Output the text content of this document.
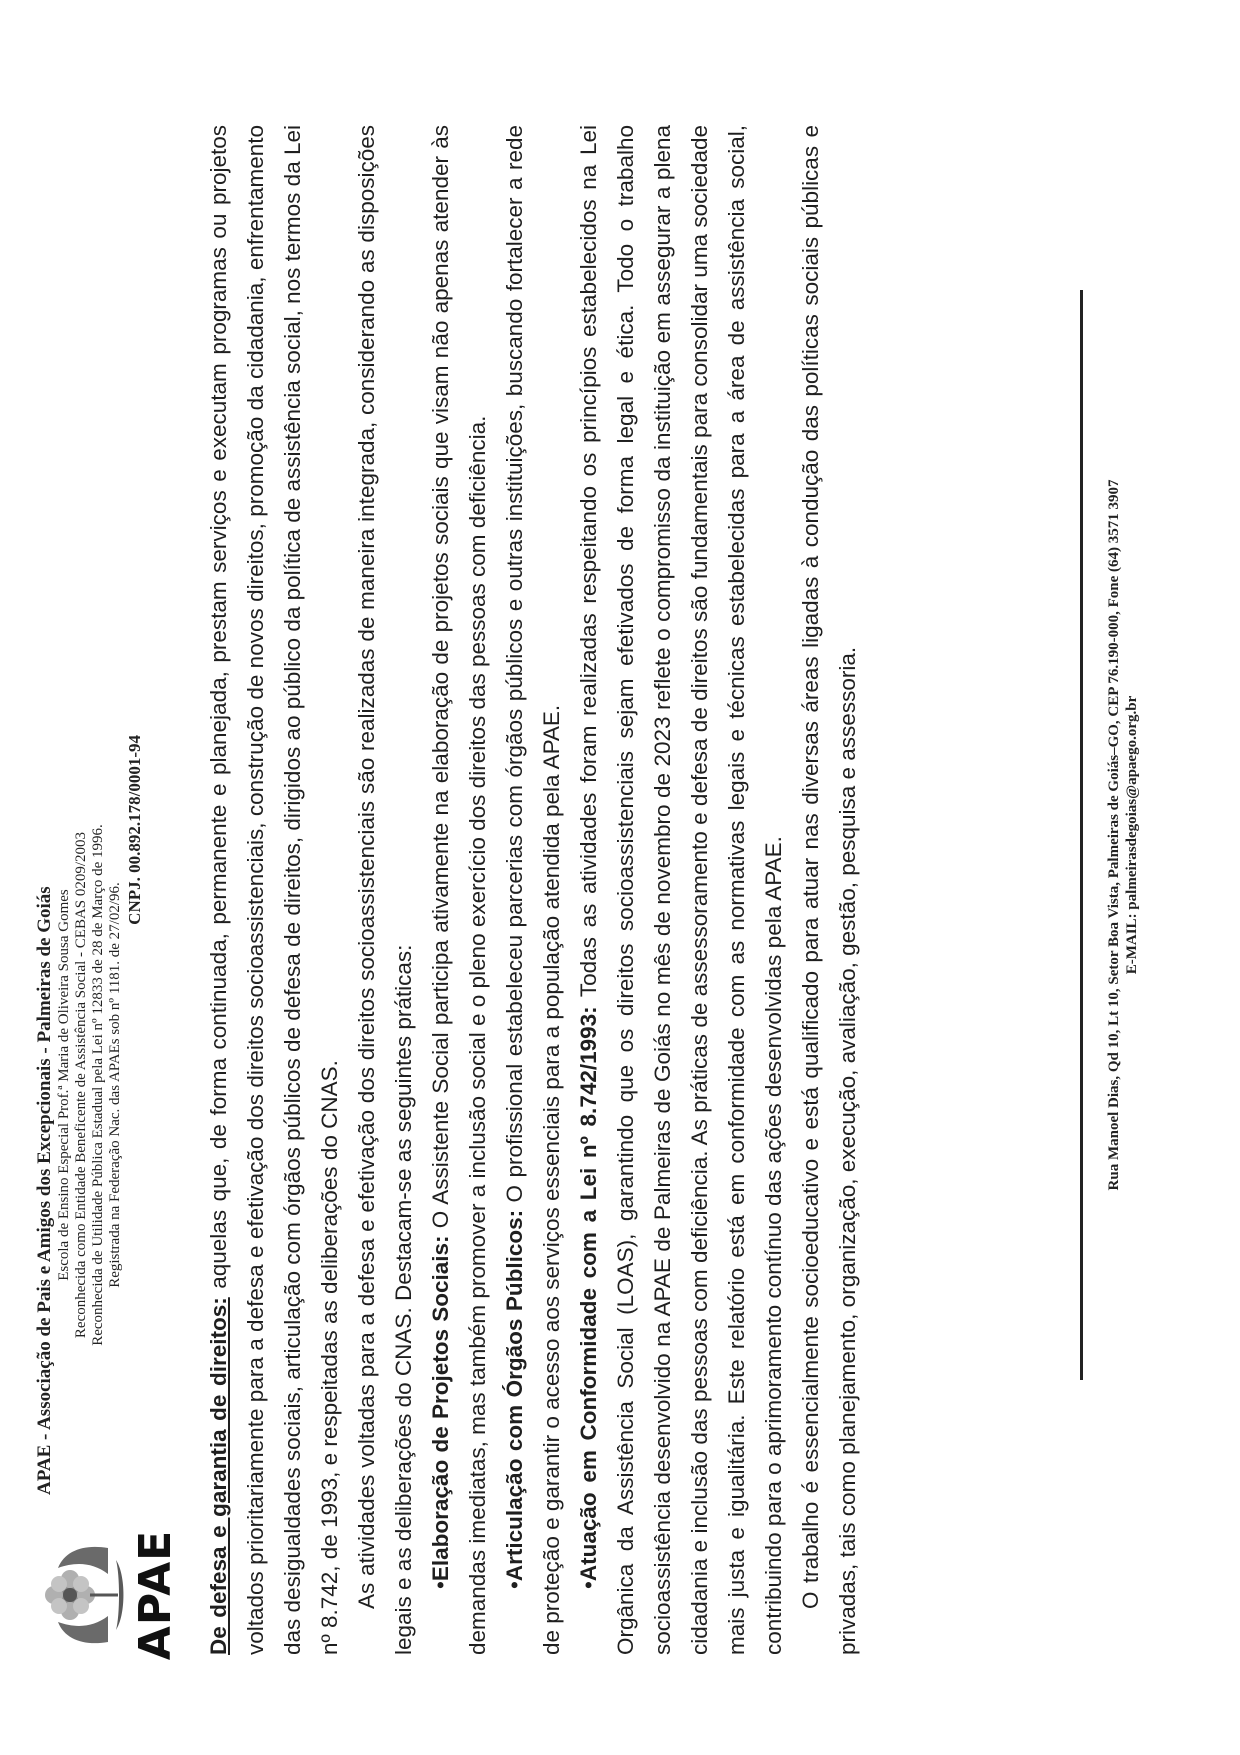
APAE
APAE - Associação de Pais e Amigos dos Excepcionais - Palmeiras de Goiás Escola de Ensino Especial Prof.ª Maria de Oliveira Sousa Gomes Reconhecida como Entidade Beneficente de Assistência Social - CEBAS 0209/2003 Reconhecida de Utilidade Pública Estadual pela Lei nº 12833 de 28 de Março de 1996. Registrada na Federação Nac. das APAEs sob nº 1181. de 27/02/96.
CNPJ. 00.892.178/0001-94

De defesa e garantia de direitos: aquelas que, de forma continuada, permanente e planejada, prestam serviços e executam programas ou projetos voltados prioritariamente para a defesa e efetivação dos direitos socioassistenciais, construção de novos direitos, promoção da cidadania, enfrentamento das desigualdades sociais, articulação com órgãos públicos de defesa de direitos, dirigidos ao público da política de assistência social, nos termos da Lei nº 8.742, de 1993, e respeitadas as deliberações do CNAS. As atividades voltadas para a defesa e efetivação dos direitos socioassistenciais são realizadas de maneira integrada, considerando as disposições legais e as deliberações do CNAS. Destacam-se as seguintes práticas: •Elaboração de Projetos Sociais: O Assistente Social participa ativamente na elaboração de projetos sociais que visam não apenas atender às demandas imediatas, mas também promover a inclusão social e o pleno exercício dos direitos das pessoas com deficiência. •Articulação com Órgãos Públicos: O profissional estabeleceu parcerias com órgãos públicos e outras instituições, buscando fortalecer a rede de proteção e garantir o acesso aos serviços essenciais para a população atendida pela APAE. •Atuação em Conformidade com a Lei nº 8.742/1993: Todas as atividades foram realizadas respeitando os princípios estabelecidos na Lei Orgânica da Assistência Social (LOAS), garantindo que os direitos socioassistenciais sejam efetivados de forma legal e ética. Todo o trabalho socioassistência desenvolvido na APAE de Palmeiras de Goiás no mês de novembro de 2023 reflete o compromisso da instituição em assegurar a plena cidadania e inclusão das pessoas com deficiência. As práticas de assessoramento e defesa de direitos são fundamentais para consolidar uma sociedade mais justa e igualitária. Este relatório está em conformidade com as normativas legais e técnicas estabelecidas para a área de assistência social, contribuindo para o aprimoramento contínuo das ações desenvolvidas pela APAE. O trabalho é essencialmente socioeducativo e está qualificado para atuar nas diversas áreas ligadas à condução das políticas sociais públicas e privadas, tais como planejamento, organização, execução, avaliação, gestão, pesquisa e assessoria.	Rua Manoel Dias, Qd 10, Lt 10, Setor Boa Vista, Palmeiras de Goiás–GO, CEP 76.190-000, Fone (64) 3571 3907 E-MAIL: palmeirasdegoias@apaego.org.br
